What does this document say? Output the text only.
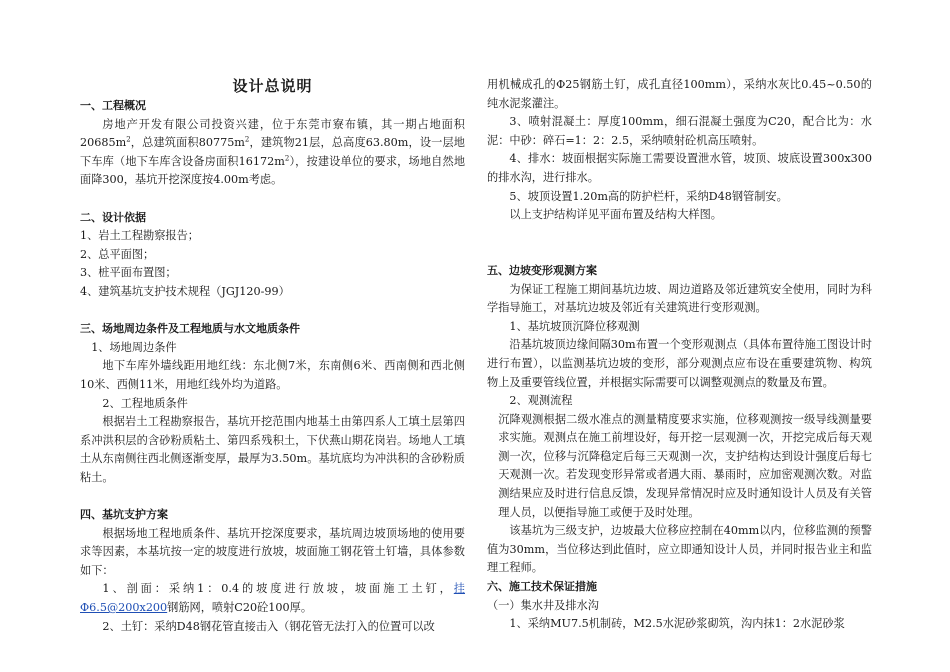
设计总说明
一、工程概况
房地产开发有限公司投资兴建，位于东莞市寮布镇，其一期占地面积$20685m^2$，总建筑面积$80775m^2$，建筑物21层，总高度63.80m，设一层地下车库（地下车库含设备房面积$16172m^2$），按建设单位的要求，场地自然地面降300，基坑开挖深度按4.00m考虑。
二、设计依据
1、岩土工程勘察报告；
2、总平面图；
3、桩平面布置图；
4、建筑基坑支护技术规程（JGJ120-99）
三、场地周边条件及工程地质与水文地质条件
1、场地周边条件
地下车库外墙线距用地红线：东北侧7米，东南侧6米、西南侧和西北侧10米、西侧11米，用地红线外均为道路。
2、工程地质条件
根据岩土工程勘察报告，基坑开挖范围内地基土由第四系人工填土层第四系冲洪积层的含砂粉质粘土、第四系残积土，下伏燕山期花岗岩。场地人工填土从东南侧往西北侧逐渐变厚，最厚为3.50m。基坑底均为冲洪积的含砂粉质粘土。
四、基坑支护方案
根据场地工程地质条件、基坑开挖深度要求，基坑周边坡顶场地的使用要求等因素，本基坑按一定的坡度进行放坡，坡面施工钢花管土钉墙，具体参数如下：
1、剖面：采纳1：0.4的坡度进行放坡，坡面施工土钉，挂Φ6.5@200x200钢筋网，喷射C20砼100厚。
2、土钉：采纳D48钢花管直接击入（钢花管无法打入的位置可以改
用机械成孔的Φ25钢筋土钉，成孔直径100mm），采纳水灰比0.45~0.50的纯水泥浆灌注。
3、喷射混凝土：厚度100mm，细石混凝土强度为C20，配合比为：水泥：中砂：碎石=1：2：2.5，采纳喷射砼机高压喷射。
4、排水：坡面根据实际施工需要设置泄水管，坡顶、坡底设置300x300的排水沟，进行排水。
5、坡顶设置1.20m高的防护栏杆，采纳D48钢管制安。
以上支护结构详见平面布置及结构大样图。
五、边坡变形观测方案
为保证工程施工期间基坑边坡、周边道路及邻近建筑安全使用，同时为科学指导施工，对基坑边坡及邻近有关建筑进行变形观测。
1、基坑坡顶沉降位移观测
沿基坑坡顶边缘间隔30m布置一个变形观测点（具体布置待施工图设计时进行布置），以监测基坑边坡的变形，部分观测点应布设在重要建筑物、构筑物上及重要管线位置，并根据实际需要可以调整观测点的数量及布置。
2、观测流程
沉降观测根据二级水准点的测量精度要求实施，位移观测按一级导线测量要求实施。观测点在施工前埋设好，每开挖一层观测一次，开挖完成后每天观测一次，位移与沉降稳定后每三天观测一次，支护结构达到设计强度后每七天观测一次。若发现变形异常或者遇大雨、暴雨时，应加密观测次数。对监测结果应及时进行信息反馈，发现异常情况时应及时通知设计人员及有关管理人员，以便指导施工或便于及时处理。
该基坑为三级支护，边坡最大位移应控制在40mm以内，位移监测的预警值为30mm，当位移达到此值时，应立即通知设计人员，并同时报告业主和监理工程师。
六、施工技术保证措施
（一）集水井及排水沟
1、采纳MU7.5机制砖，M2.5水泥砂浆砌筑，沟内抹1：2水泥砂浆
